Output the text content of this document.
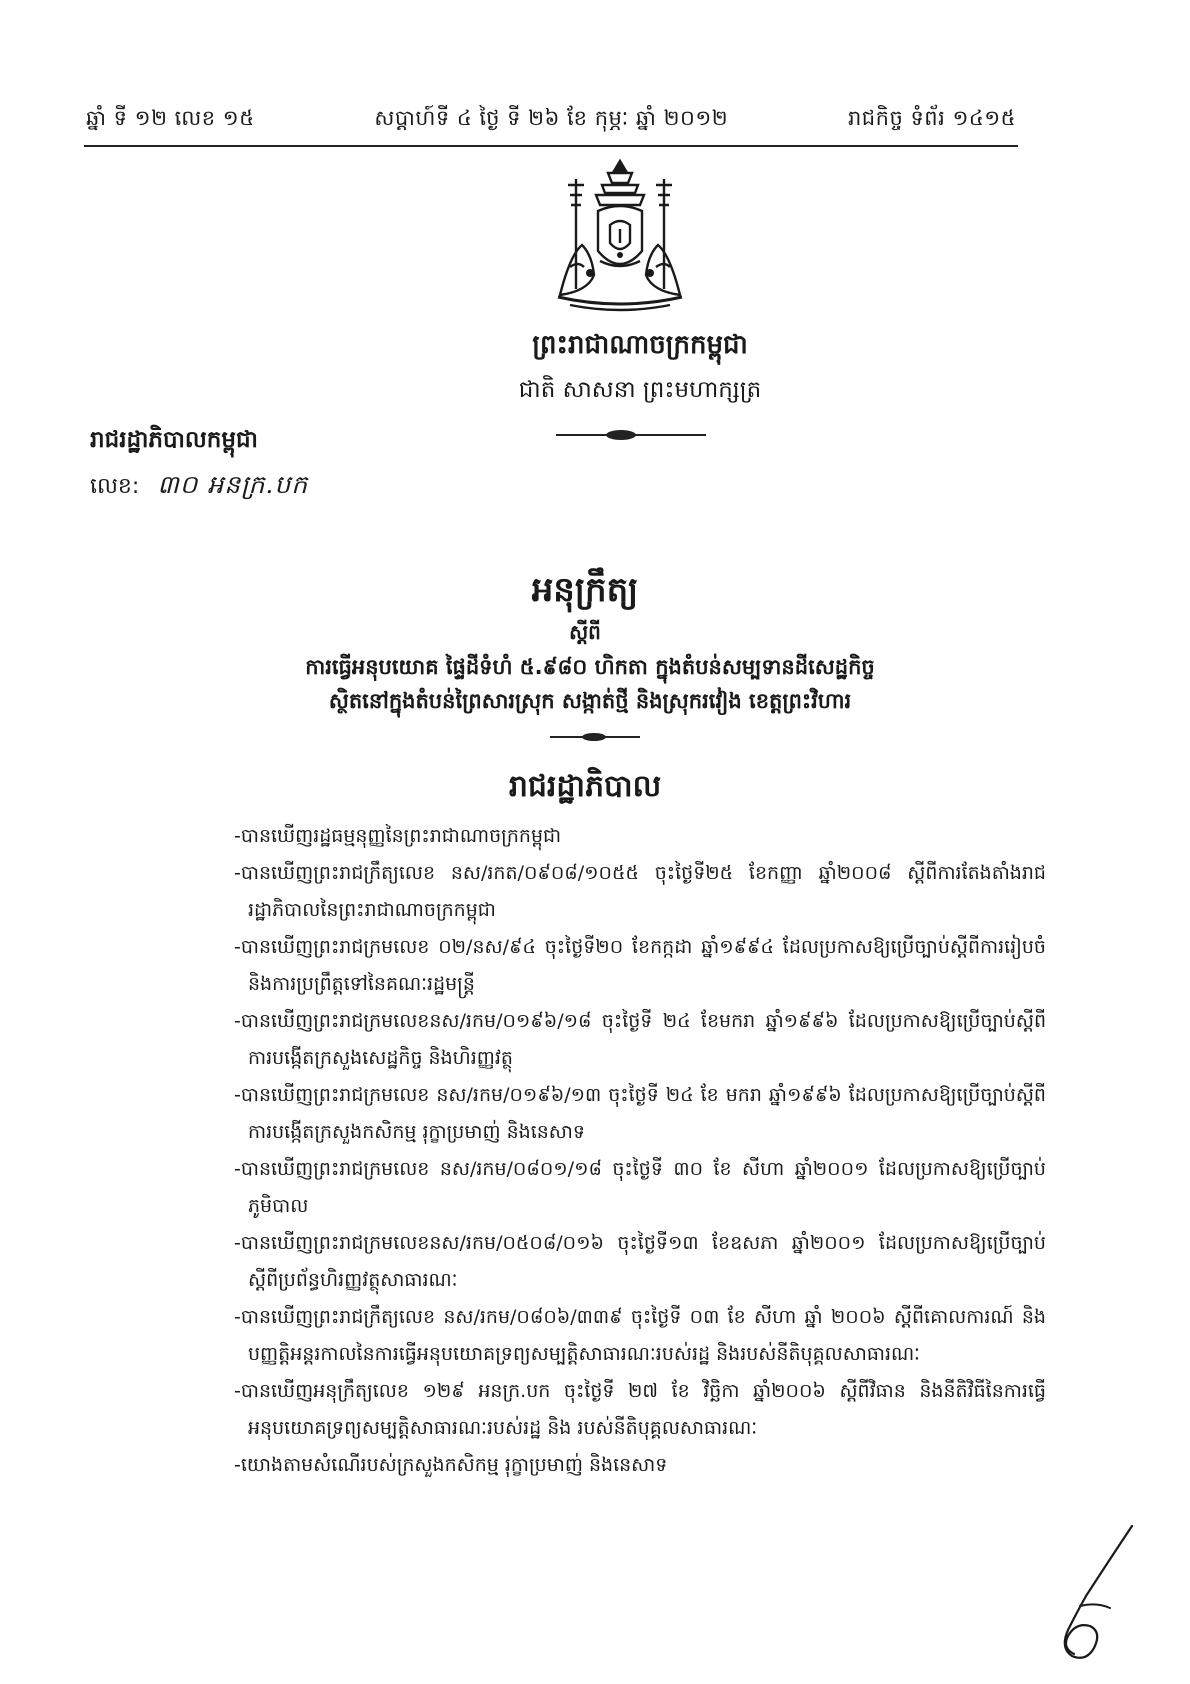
ឆ្នាំ ទី ១២ លេខ ១៥	សប្តាហ៍ទី ៤ ថ្ងៃ ទី ២៦ ខែ កុម្ភៈ ឆ្នាំ ២០១២	រាជកិច្ច ទំព័រ ១៤១៥
ព្រះរាជាណាចក្រកម្ពុជា
ជាតិ សាសនា ព្រះមហាក្សត្រ
រាជរដ្ឋាភិបាលកម្ពុជា
លេខ: ៣០ អនក្រ.បក
អនុក្រឹត្យ
ស្តីពី
ការធ្វើអនុបយោគ ផ្ទៃដីទំហំ ៥.៩៨០ ហិកតា ក្នុងតំបន់សម្បទានដីសេដ្ឋកិច្ច
ស្ថិតនៅក្នុងតំបន់ព្រៃសារស្រុក សង្កាត់ថ្មី និងស្រុករវៀង ខេត្តព្រះវិហារ
រាជរដ្ឋាភិបាល

-បានឃើញរដ្ឋធម្មនុញ្ញនៃព្រះរាជាណាចក្រកម្ពុជា

-បានឃើញព្រះរាជក្រឹត្យលេខ នស/រកត/០៩០៨/១០៥៥ ចុះថ្ងៃទី២៥ ខែកញ្ញា ឆ្នាំ២០០៨ ស្តីពីការតែងតាំងរាជរដ្ឋាភិបាលនៃព្រះរាជាណាចក្រកម្ពុជា

-បានឃើញព្រះរាជក្រមលេខ ០២/នស/៩៤ ចុះថ្ងៃទី២០ ខែកក្កដា ឆ្នាំ១៩៩៤ ដែលប្រកាសឱ្យប្រើច្បាប់ស្តីពីការរៀបចំ និងការប្រព្រឹត្តទៅនៃគណៈរដ្ឋមន្ត្រី

-បានឃើញព្រះរាជក្រមលេខនស/រកម/០១៩៦/១៨ ចុះថ្ងៃទី ២៤ ខែមករា ឆ្នាំ១៩៩៦ ដែលប្រកាសឱ្យប្រើច្បាប់ស្តីពីការបង្កើតក្រសួងសេដ្ឋកិច្ច និងហិរញ្ញវត្ថុ

-បានឃើញព្រះរាជក្រមលេខ នស/រកម/០១៩៦/១៣ ចុះថ្ងៃទី ២៤ ខែ មករា ឆ្នាំ១៩៩៦ ដែលប្រកាសឱ្យប្រើច្បាប់ស្តីពីការបង្កើតក្រសួងកសិកម្ម រុក្ខាប្រមាញ់ និងនេសាទ

-បានឃើញព្រះរាជក្រមលេខ នស/រកម/០៨០១/១៨ ចុះថ្ងៃទី ៣០ ខែ សីហា ឆ្នាំ២០០១ ដែលប្រកាសឱ្យប្រើច្បាប់ភូមិបាល

-បានឃើញព្រះរាជក្រមលេខនស/រកម/០៥០៨/០១៦ ចុះថ្ងៃទី១៣ ខែឧសភា ឆ្នាំ២០០១ ដែលប្រកាសឱ្យប្រើច្បាប់ស្តីពីប្រព័ន្ធហិរញ្ញវត្ថុសាធារណៈ

-បានឃើញព្រះរាជក្រឹត្យលេខ នស/រកម/០៨០៦/៣៣៩ ចុះថ្ងៃទី ០៣ ខែ សីហា ឆ្នាំ ២០០៦ ស្តីពីគោលការណ៍ និងបញ្ញត្តិអន្តរកាលនៃការធ្វើអនុបយោគទ្រព្យសម្បត្តិសាធារណៈរបស់រដ្ឋ និងរបស់នីតិបុគ្គលសាធារណៈ

-បានឃើញអនុក្រឹត្យលេខ ១២៩ អនក្រ.បក ចុះថ្ងៃទី ២៧ ខែ វិច្ឆិកា ឆ្នាំ២០០៦ ស្តីពីវិធាន និងនីតិវិធីនៃការធ្វើអនុបយោគទ្រព្យសម្បត្តិសាធារណៈរបស់រដ្ឋ និង របស់នីតិបុគ្គលសាធារណៈ

-យោងតាមសំណើរបស់ក្រសួងកសិកម្ម រុក្ខាប្រមាញ់ និងនេសាទ
